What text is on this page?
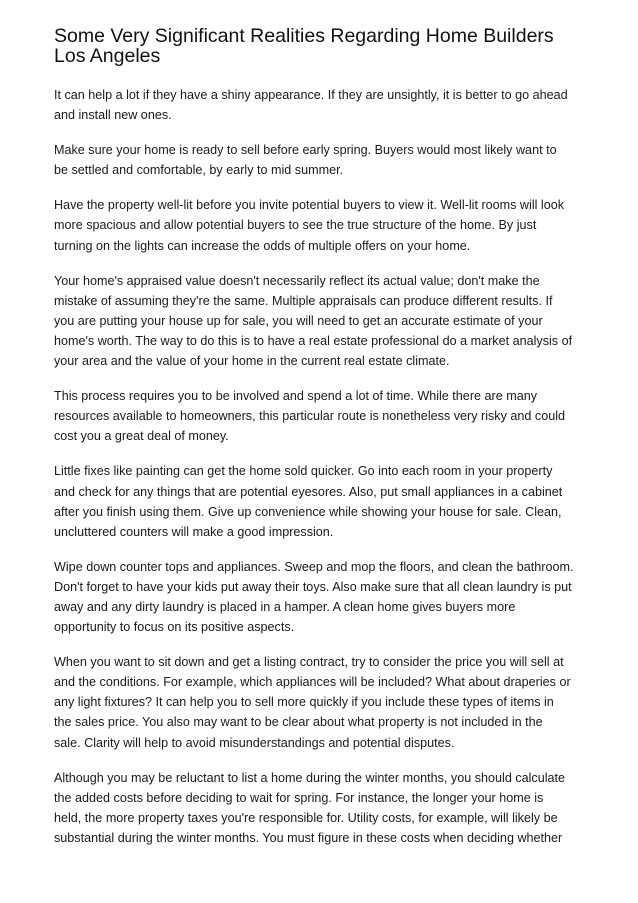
Some Very Significant Realities Regarding Home Builders
Los Angeles

It can help a lot if they have a shiny appearance. If they are unsightly, it is better to go ahead
and install new ones.

Make sure your home is ready to sell before early spring. Buyers would most likely want to
be settled and comfortable, by early to mid summer.

Have the property well-lit before you invite potential buyers to view it. Well-lit rooms will look
more spacious and allow potential buyers to see the true structure of the home. By just
turning on the lights can increase the odds of multiple offers on your home.

Your home's appraised value doesn't necessarily reflect its actual value; don't make the
mistake of assuming they're the same. Multiple appraisals can produce different results. If
you are putting your house up for sale, you will need to get an accurate estimate of your
home's worth. The way to do this is to have a real estate professional do a market analysis of
your area and the value of your home in the current real estate climate.

This process requires you to be involved and spend a lot of time. While there are many
resources available to homeowners, this particular route is nonetheless very risky and could
cost you a great deal of money.

Little fixes like painting can get the home sold quicker. Go into each room in your property
and check for any things that are potential eyesores. Also, put small appliances in a cabinet
after you finish using them. Give up convenience while showing your house for sale. Clean,
uncluttered counters will make a good impression.

Wipe down counter tops and appliances. Sweep and mop the floors, and clean the bathroom.
Don't forget to have your kids put away their toys. Also make sure that all clean laundry is put
away and any dirty laundry is placed in a hamper. A clean home gives buyers more
opportunity to focus on its positive aspects.

When you want to sit down and get a listing contract, try to consider the price you will sell at
and the conditions. For example, which appliances will be included? What about draperies or
any light fixtures? It can help you to sell more quickly if you include these types of items in
the sales price. You also may want to be clear about what property is not included in the
sale. Clarity will help to avoid misunderstandings and potential disputes.

Although you may be reluctant to list a home during the winter months, you should calculate
the added costs before deciding to wait for spring. For instance, the longer your home is
held, the more property taxes you're responsible for. Utility costs, for example, will likely be
substantial during the winter months. You must figure in these costs when deciding whether
